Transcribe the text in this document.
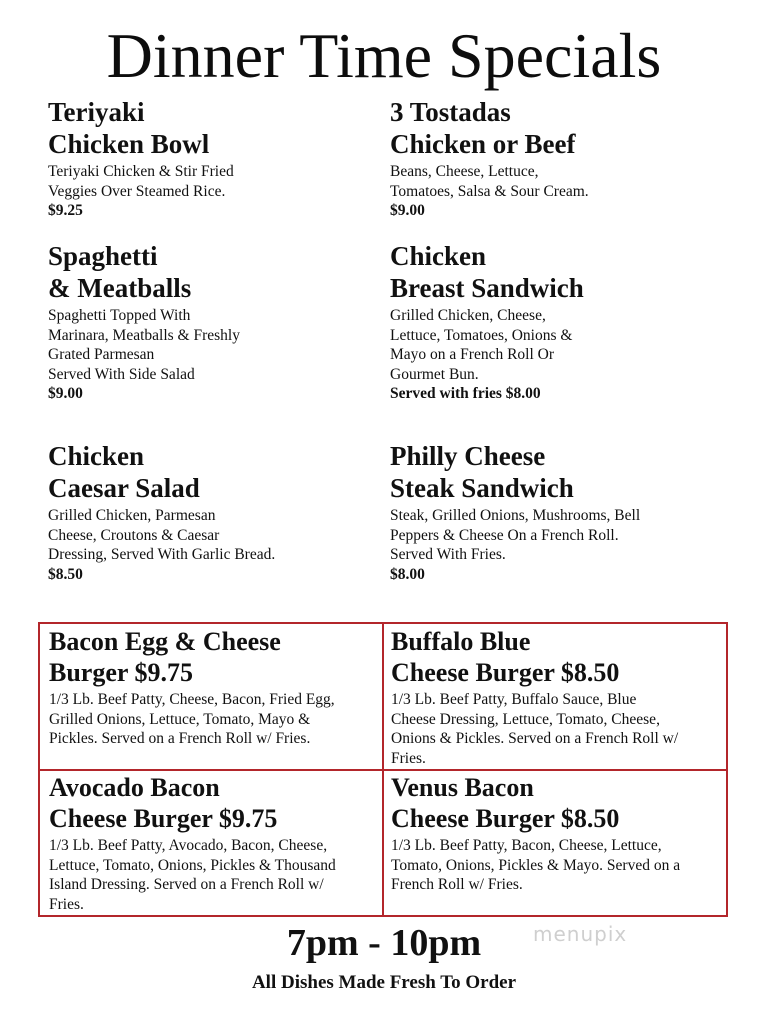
Dinner Time Specials
Teriyaki
Chicken Bowl
Teriyaki Chicken & Stir Fried
Veggies Over Steamed Rice.
$9.25
3 Tostadas
Chicken or Beef
Beans, Cheese, Lettuce,
Tomatoes, Salsa & Sour Cream.
$9.00
Spaghetti
& Meatballs
Spaghetti Topped With
Marinara, Meatballs & Freshly
Grated Parmesan
Served With Side Salad
$9.00
Chicken
Breast Sandwich
Grilled Chicken, Cheese,
Lettuce, Tomatoes, Onions &
Mayo on a French Roll Or
Gourmet Bun.
Served with fries $8.00
Chicken
Caesar Salad
Grilled Chicken, Parmesan
Cheese, Croutons & Caesar
Dressing, Served With Garlic Bread.
$8.50
Philly Cheese
Steak Sandwich
Steak, Grilled Onions, Mushrooms, Bell
Peppers & Cheese On a French Roll.
Served With Fries.
$8.00
Bacon Egg & Cheese
Burger $9.75
1/3 Lb. Beef Patty, Cheese, Bacon, Fried Egg,
Grilled Onions, Lettuce, Tomato, Mayo &
Pickles. Served on a French Roll w/ Fries.
Buffalo Blue
Cheese Burger $8.50
1/3 Lb. Beef Patty, Buffalo Sauce, Blue
Cheese Dressing, Lettuce, Tomato, Cheese,
Onions & Pickles. Served on a French Roll w/
Fries.
Avocado Bacon
Cheese Burger $9.75
1/3 Lb. Beef Patty, Avocado, Bacon, Cheese,
Lettuce, Tomato, Onions, Pickles & Thousand
Island Dressing. Served on a French Roll w/
Fries.
Venus Bacon
Cheese Burger $8.50
1/3 Lb. Beef Patty, Bacon, Cheese, Lettuce,
Tomato, Onions, Pickles & Mayo. Served on a
French Roll w/ Fries.
7pm - 10pm	menupix
All Dishes Made Fresh To Order
